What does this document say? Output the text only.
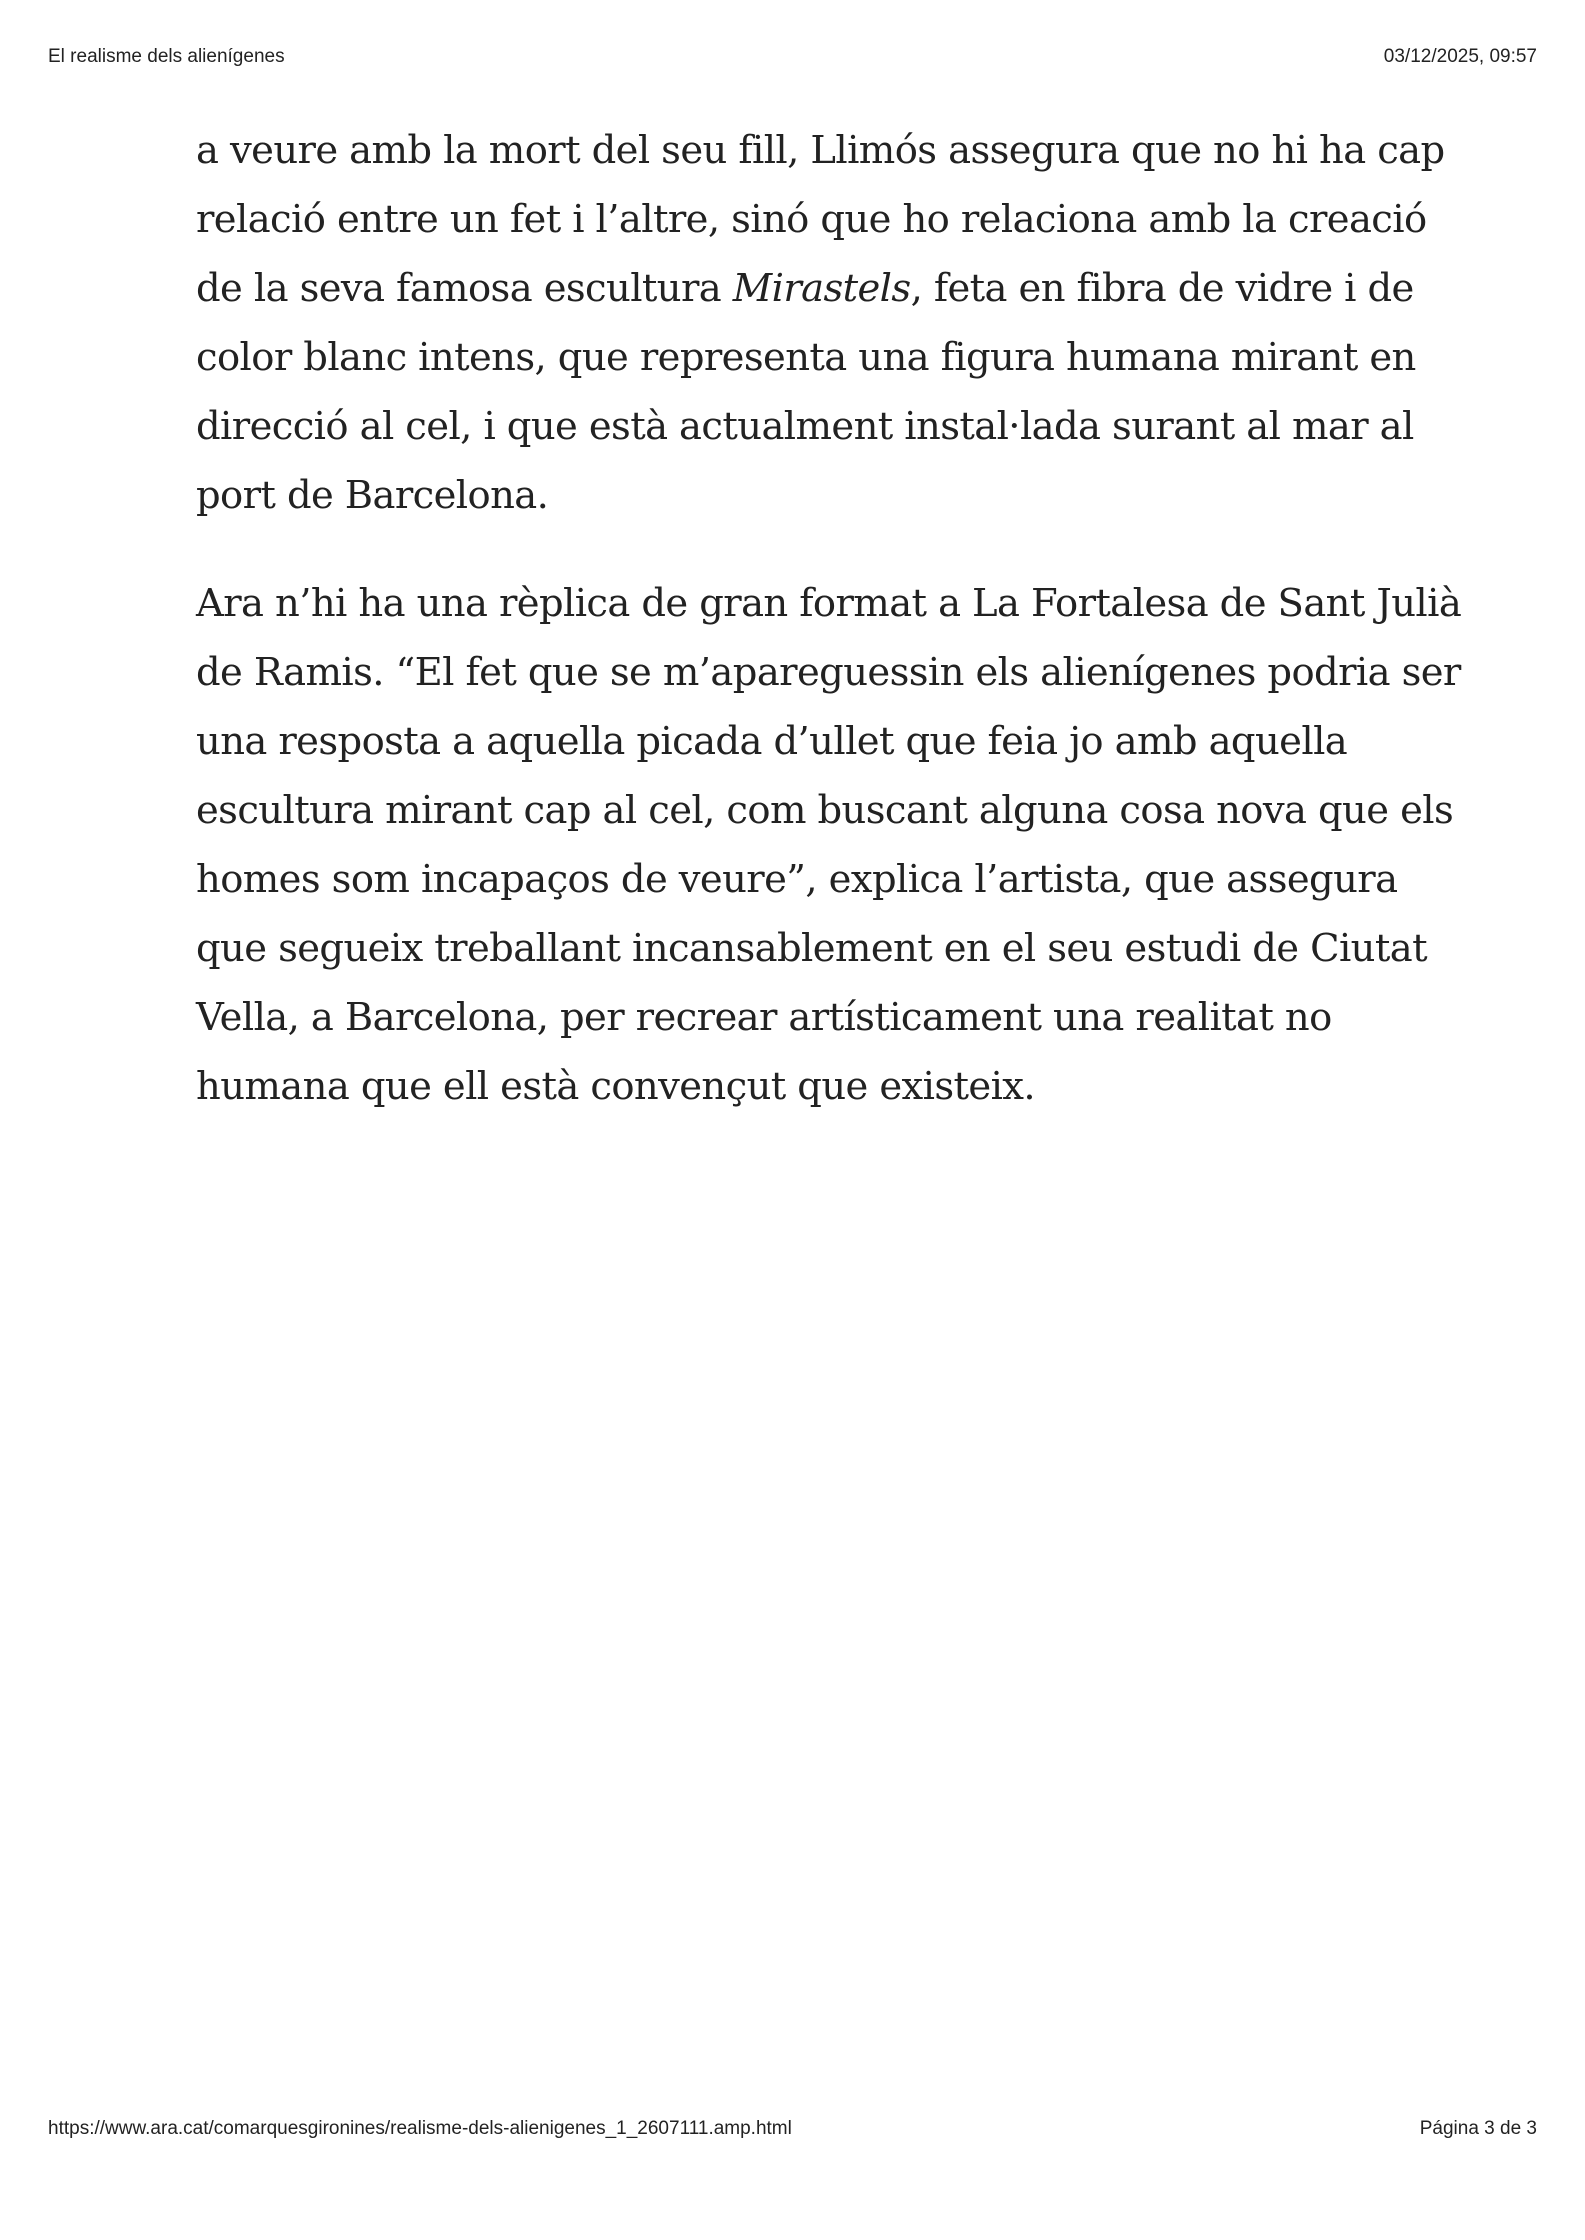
El realisme dels alienígenes	03/12/2025, 09:57

a veure amb la mort del seu fill, Llimós assegura que no hi ha cap
relació entre un fet i l’altre, sinó que ho relaciona amb la creació
de la seva famosa escultura Mirastels, feta en fibra de vidre i de
color blanc intens, que representa una figura humana mirant en
direcció al cel, i que està actualment instal·lada surant al mar al
port de Barcelona.

Ara n’hi ha una rèplica de gran format a La Fortalesa de Sant Julià
de Ramis. “El fet que se m’apareguessin els alienígenes podria ser
una resposta a aquella picada d’ullet que feia jo amb aquella
escultura mirant cap al cel, com buscant alguna cosa nova que els
homes som incapaços de veure”, explica l’artista, que assegura
que segueix treballant incansablement en el seu estudi de Ciutat
Vella, a Barcelona, per recrear artísticament una realitat no
humana que ell està convençut que existeix.

https://www.ara.cat/comarquesgironines/realisme-dels-alienigenes_1_2607111.amp.html	Página 3 de 3
